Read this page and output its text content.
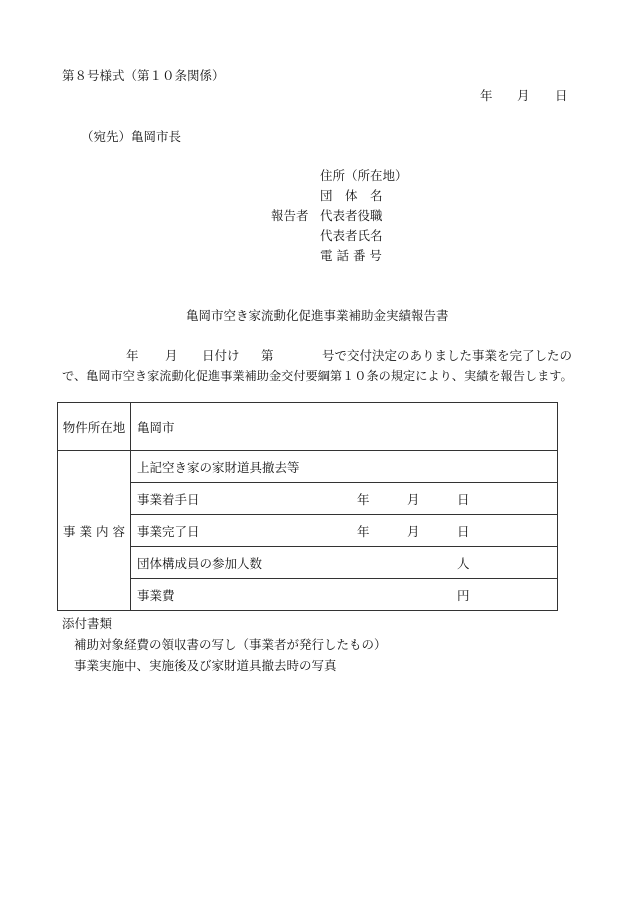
第８号様式（第１０条関係）
年 月 日
（宛先）亀岡市長
住所（所在地）
団　体　名
報告者 代表者役職
代表者氏名
電 話 番 号
亀岡市空き家流動化促進事業補助金実績報告書
年 月 日付け 第	号で交付決定のありました事業を完了したの
で、亀岡市空き家流動化促進事業補助金交付要綱第１０条の規定により、実績を報告します。
物件所在地	亀岡市

事 業 内 容	上記空き家の家財道具撤去等

	事業着手日 年 月 日

	事業完了日 年 月 日

	団体構成員の参加人数 人

	事業費 円
添付書類
補助対象経費の領収書の写し（事業者が発行したもの）
事業実施中、実施後及び家財道具撤去時の写真
